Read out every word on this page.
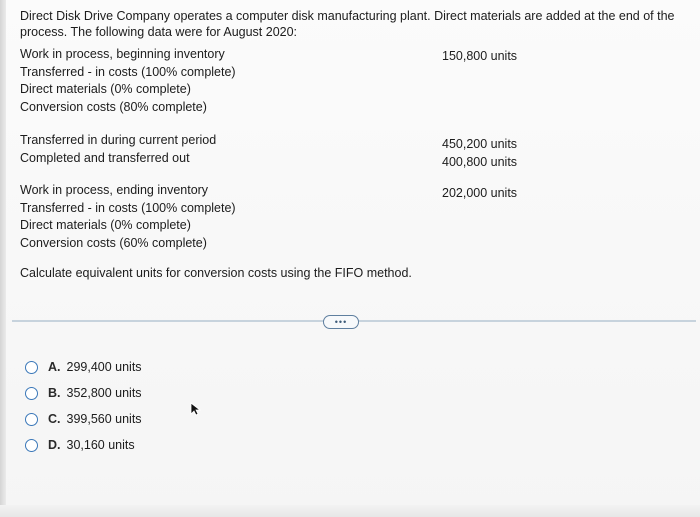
Direct Disk Drive Company operates a computer disk manufacturing plant. Direct materials are added at the end of the process. The following data were for August 2020:
Work in process, beginning inventory
Transferred - in costs (100% complete)
Direct materials (0% complete)
Conversion costs (80% complete)
150,800 units
Transferred in during current period
Completed and transferred out
450,200 units
400,800 units
Work in process, ending inventory
Transferred - in costs (100% complete)
Direct materials (0% complete)
Conversion costs (60% complete)
202,000 units
Calculate equivalent units for conversion costs using the FIFO method.
•••
A. 299,400 units
B. 352,800 units
C. 399,560 units
D. 30,160 units
